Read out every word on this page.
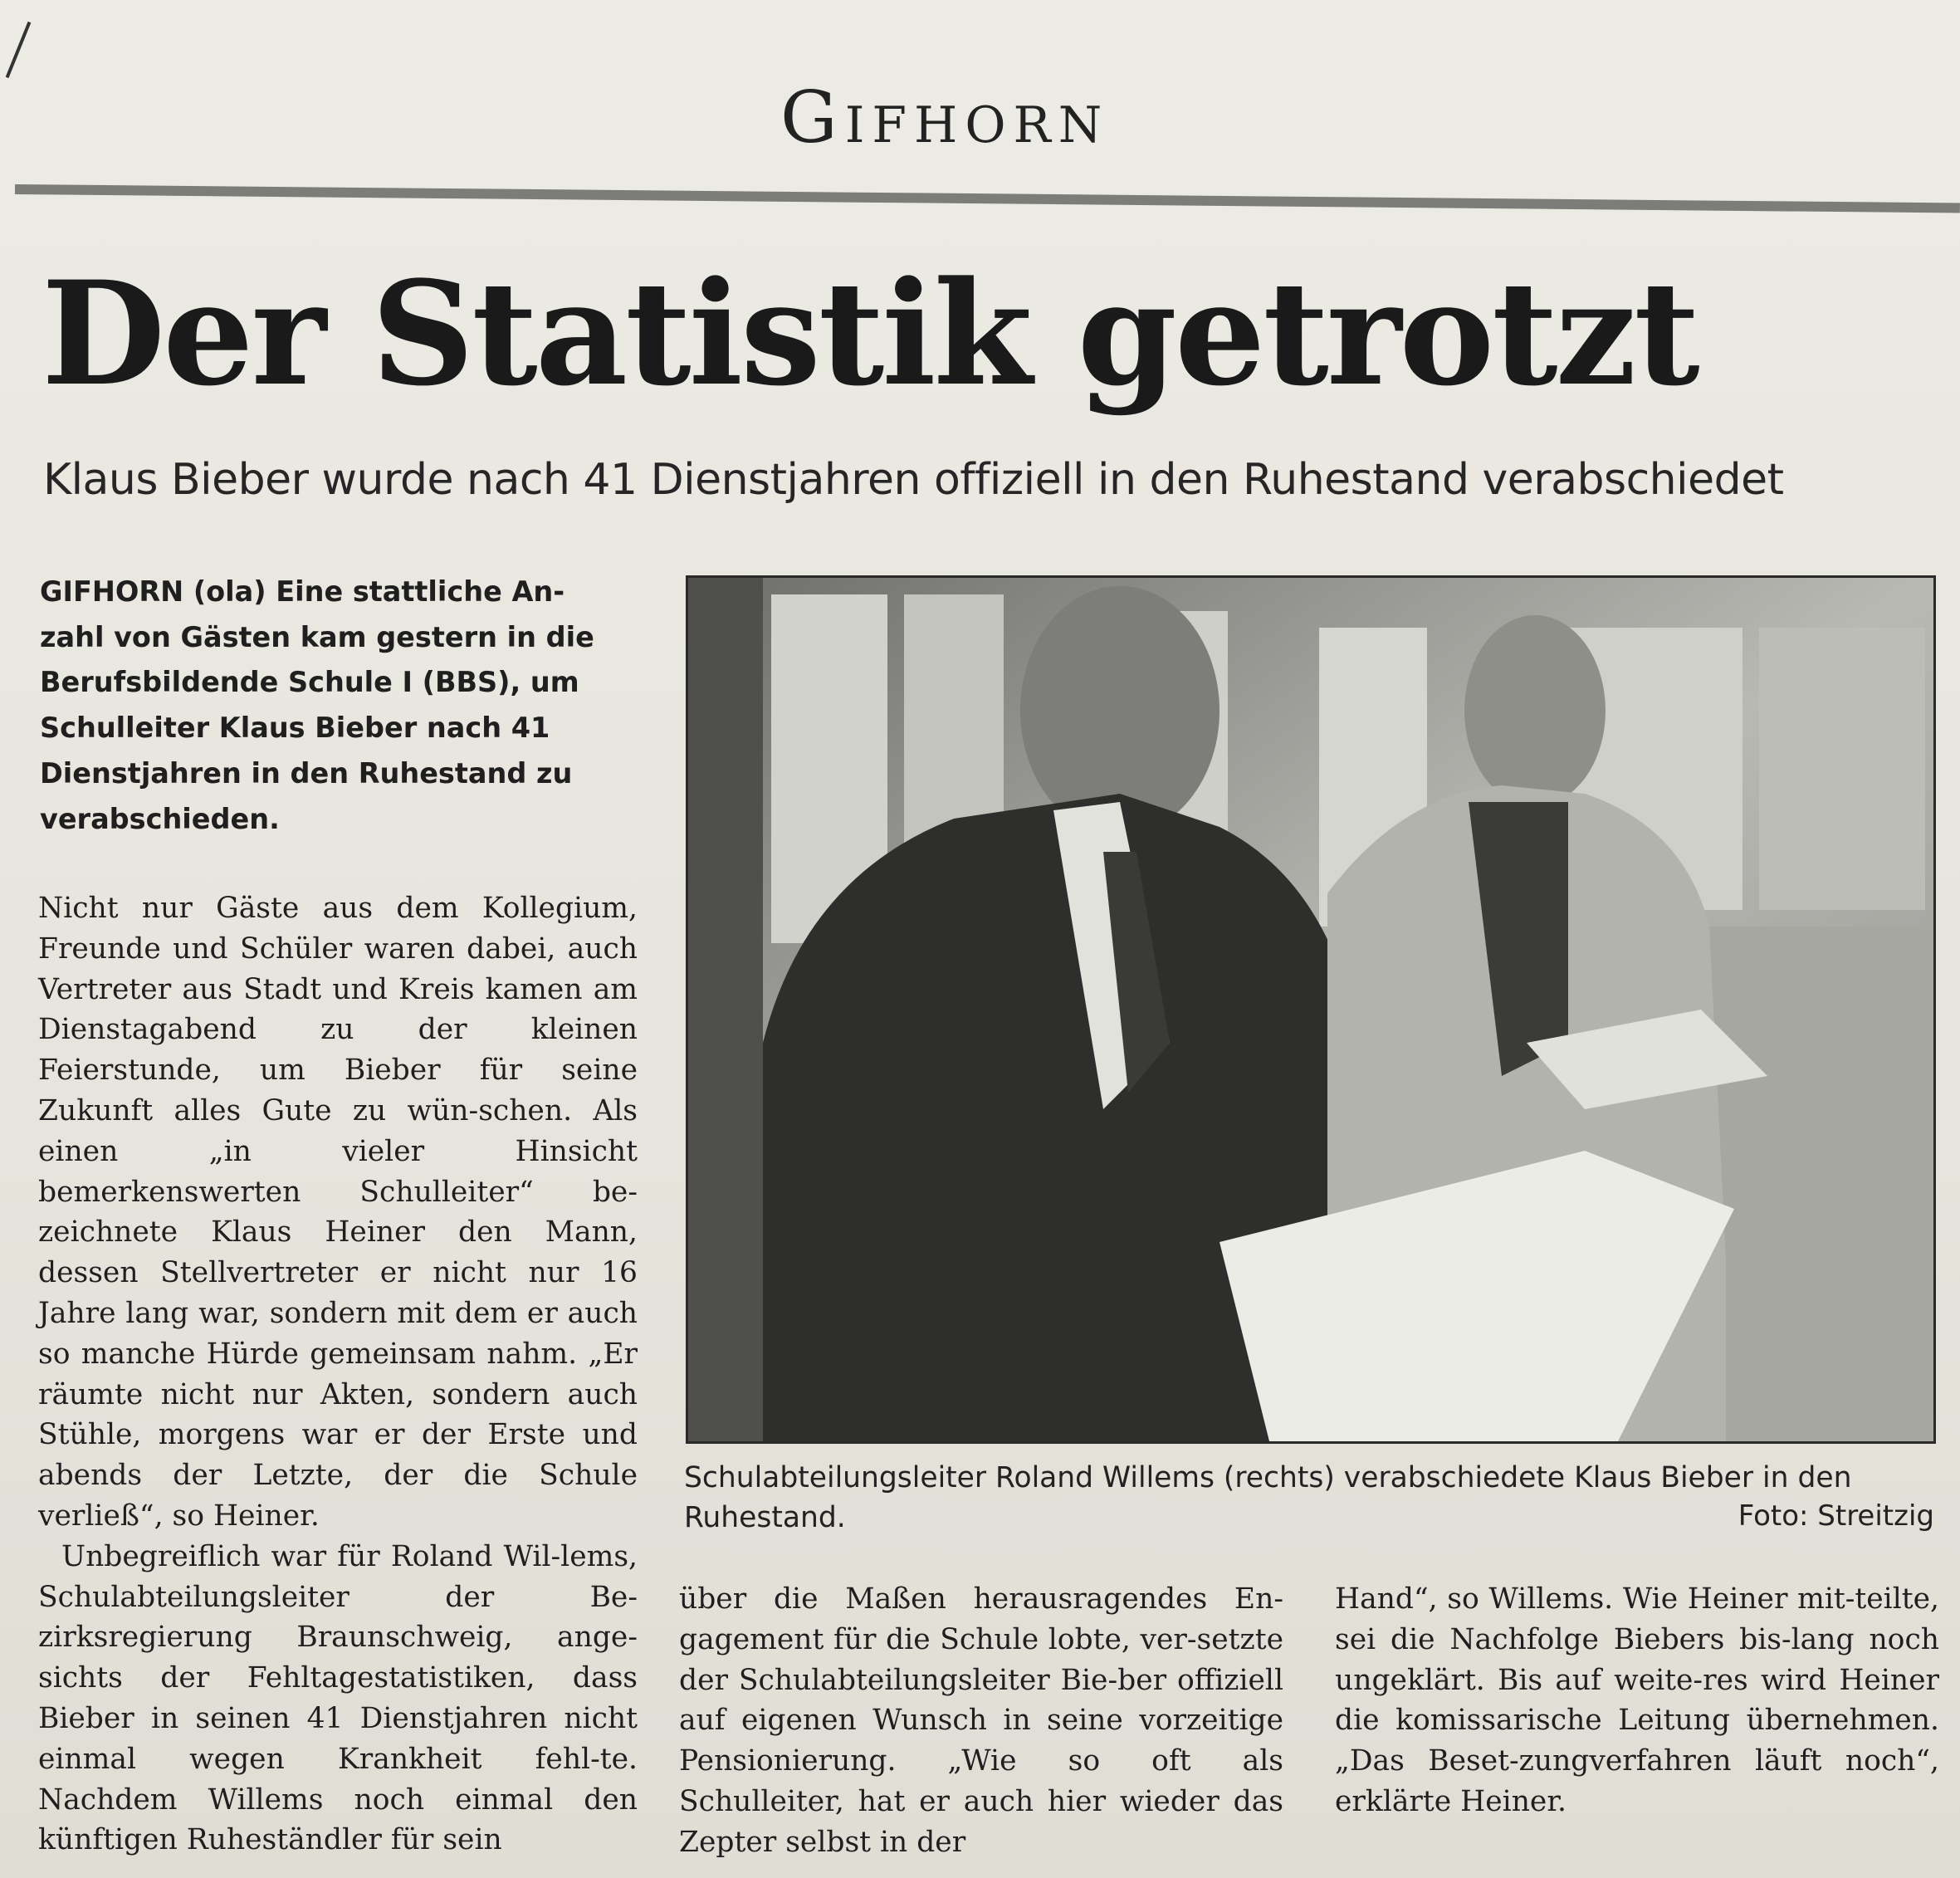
Gifhorn
Der Statistik getrotzt
Klaus Bieber wurde nach 41 Dienstjahren offiziell in den Ruhestand verabschiedet

GIFHORN (ola) Eine stattliche An-zahl von Gästen kam gestern in die Berufsbildende Schule I (BBS), um Schulleiter Klaus Bieber nach 41 Dienstjahren in den Ruhestand zu verabschieden.

Nicht nur Gäste aus dem Kollegium, Freunde und Schüler waren dabei, auch Vertreter aus Stadt und Kreis kamen am Dienstagabend zu der kleinen Feierstunde, um Bieber für seine Zukunft alles Gute zu wün-schen. Als einen „in vieler Hinsicht bemerkenswerten Schulleiter“ be-zeichnete Klaus Heiner den Mann, dessen Stellvertreter er nicht nur 16 Jahre lang war, sondern mit dem er auch so manche Hürde gemeinsam nahm. „Er räumte nicht nur Akten, sondern auch Stühle, morgens war er der Erste und abends der Letzte, der die Schule verließ“, so Heiner.

Unbegreiflich war für Roland Wil-lems, Schulabteilungsleiter der Be-zirksregierung Braunschweig, ange-sichts der Fehltagestatistiken, dass Bieber in seinen 41 Dienstjahren nicht einmal wegen Krankheit fehl-te. Nachdem Willems noch einmal den künftigen Ruheständler für sein

Schulabteilungsleiter Roland Willems (rechts) verabschiedete Klaus Bieber in den Ruhestand.	Foto: Streitzig

über die Maßen herausragendes En-gagement für die Schule lobte, ver-setzte der Schulabteilungsleiter Bie-ber offiziell auf eigenen Wunsch in seine vorzeitige Pensionierung. „Wie so oft als Schulleiter, hat er auch hier wieder das Zepter selbst in der

Hand“, so Willems. Wie Heiner mit-teilte, sei die Nachfolge Biebers bis-lang noch ungeklärt. Bis auf weite-res wird Heiner die komissarische Leitung übernehmen. „Das Beset-zungverfahren läuft noch“, erklärte Heiner.
